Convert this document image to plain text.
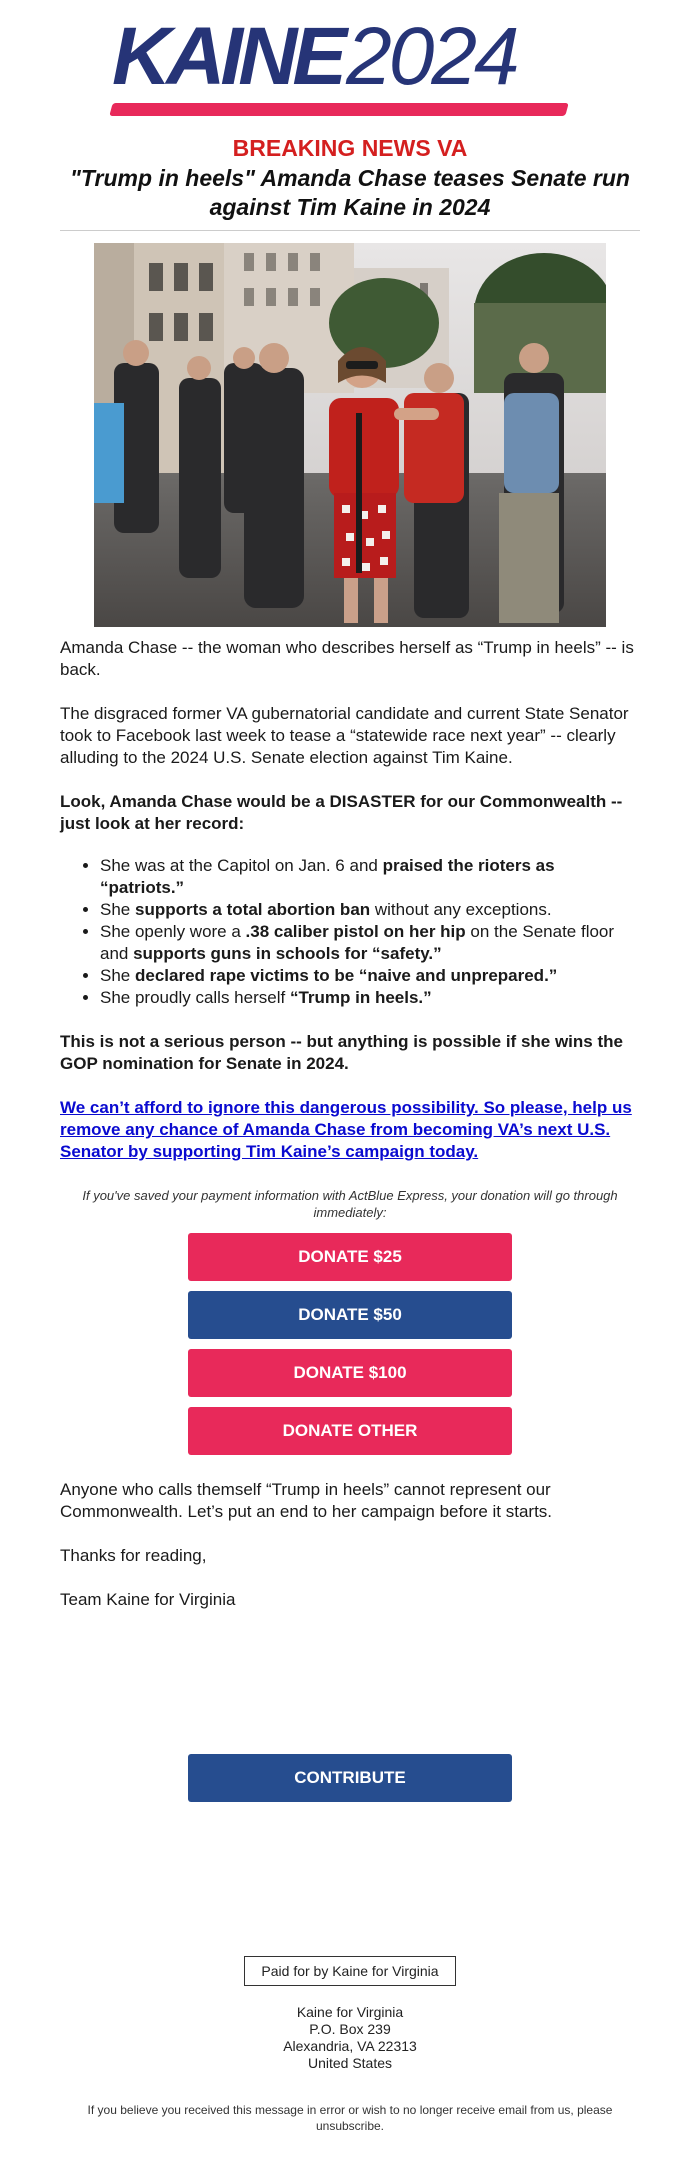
KAINE2024
BREAKING NEWS VA
"Trump in heels" Amanda Chase teases Senate run against Tim Kaine in 2024

Amanda Chase -- the woman who describes herself as “Trump in heels” -- is back.

The disgraced former VA gubernatorial candidate and current State Senator took to Facebook last week to tease a “statewide race next year” -- clearly alluding to the 2024 U.S. Senate election against Tim Kaine.

Look, Amanda Chase would be a DISASTER for our Commonwealth -- just look at her record:

• She was at the Capitol on Jan. 6 and praised the rioters as “patriots.”
• She supports a total abortion ban without any exceptions.
• She openly wore a .38 caliber pistol on her hip on the Senate floor and supports guns in schools for “safety.”
• She declared rape victims to be “naive and unprepared.”
• She proudly calls herself “Trump in heels.”

This is not a serious person -- but anything is possible if she wins the GOP nomination for Senate in 2024.

We can’t afford to ignore this dangerous possibility. So please, help us remove any chance of Amanda Chase from becoming VA’s next U.S. Senator by supporting Tim Kaine’s campaign today.

If you've saved your payment information with ActBlue Express, your donation will go through immediately:
DONATE $25
DONATE $50
DONATE $100
DONATE OTHER

Anyone who calls themself “Trump in heels” cannot represent our Commonwealth. Let’s put an end to her campaign before it starts.

Thanks for reading,

Team Kaine for Virginia

CONTRIBUTE
Paid for by Kaine for Virginia
Kaine for Virginia
P.O. Box 239
Alexandria, VA 22313
United States
If you believe you received this message in error or wish to no longer receive email from us, please unsubscribe.
